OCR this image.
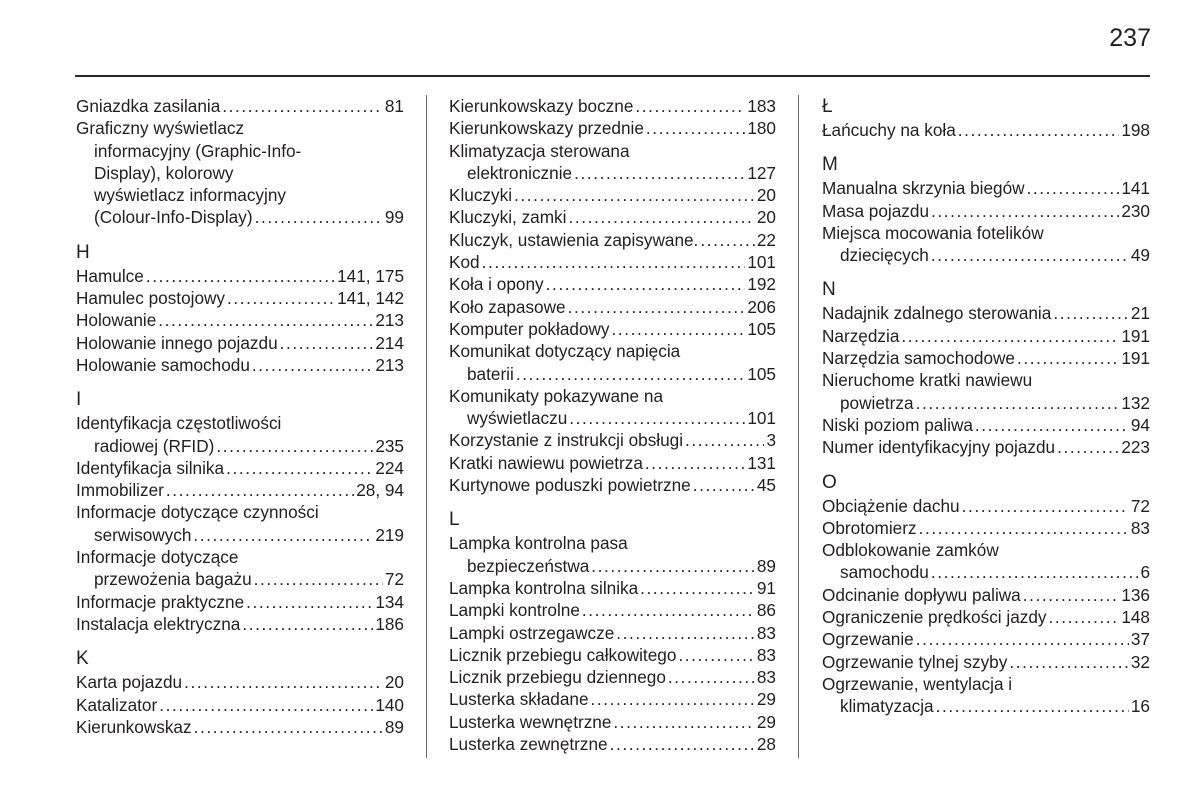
237
Gniazdka zasilania .....	81
Graficzny wyświetlacz
informacyjny (Graphic-Info-
Display), kolorowy
wyświetlacz informacyjny
(Colour-Info-Display) .....	99
H
Hamulce .....	141, 175
Hamulec postojowy .....	141, 142
Holowanie .....	213
Holowanie innego pojazdu .....	214
Holowanie samochodu .....	213
I
Identyfikacja częstotliwości
radiowej (RFID) .....	235
Identyfikacja silnika .....	224
Immobilizer .....	28, 94
Informacje dotyczące czynności
serwisowych .....	219
Informacje dotyczące
przewożenia bagażu .....	72
Informacje praktyczne .....	134
Instalacja elektryczna .....	186
K
Karta pojazdu .....	20
Katalizator .....	140
Kierunkowskaz .....	89
Kierunkowskazy boczne .....	183
Kierunkowskazy przednie .....	180
Klimatyzacja sterowana
elektronicznie .....	127
Kluczyki .....	20
Kluczyki, zamki .....	20
Kluczyk, ustawienia zapisywane. .....	22
Kod .....	101
Koła i opony .....	192
Koło zapasowe .....	206
Komputer pokładowy .....	105
Komunikat dotyczący napięcia
baterii .....	105
Komunikaty pokazywane na
wyświetlaczu .....	101
Korzystanie z instrukcji obsługi .....	3
Kratki nawiewu powietrza .....	131
Kurtynowe poduszki powietrzne .....	45
L
Lampka kontrolna pasa
bezpieczeństwa .....	89
Lampka kontrolna silnika .....	91
Lampki kontrolne .....	86
Lampki ostrzegawcze .....	83
Licznik przebiegu całkowitego .....	83
Licznik przebiegu dziennego .....	83
Lusterka składane .....	29
Lusterka wewnętrzne .....	29
Lusterka zewnętrzne .....	28
Ł
Łańcuchy na koła .....	198
M
Manualna skrzynia biegów .....	141
Masa pojazdu .....	230
Miejsca mocowania fotelików
dziecięcych .....	49
N
Nadajnik zdalnego sterowania .....	21
Narzędzia .....	191
Narzędzia samochodowe .....	191
Nieruchome kratki nawiewu
powietrza .....	132
Niski poziom paliwa .....	94
Numer identyfikacyjny pojazdu .....	223
O
Obciążenie dachu .....	72
Obrotomierz .....	83
Odblokowanie zamków
samochodu .....	6
Odcinanie dopływu paliwa .....	136
Ograniczenie prędkości jazdy .....	148
Ogrzewanie .....	37
Ogrzewanie tylnej szyby .....	32
Ogrzewanie, wentylacja i
klimatyzacja .....	16
